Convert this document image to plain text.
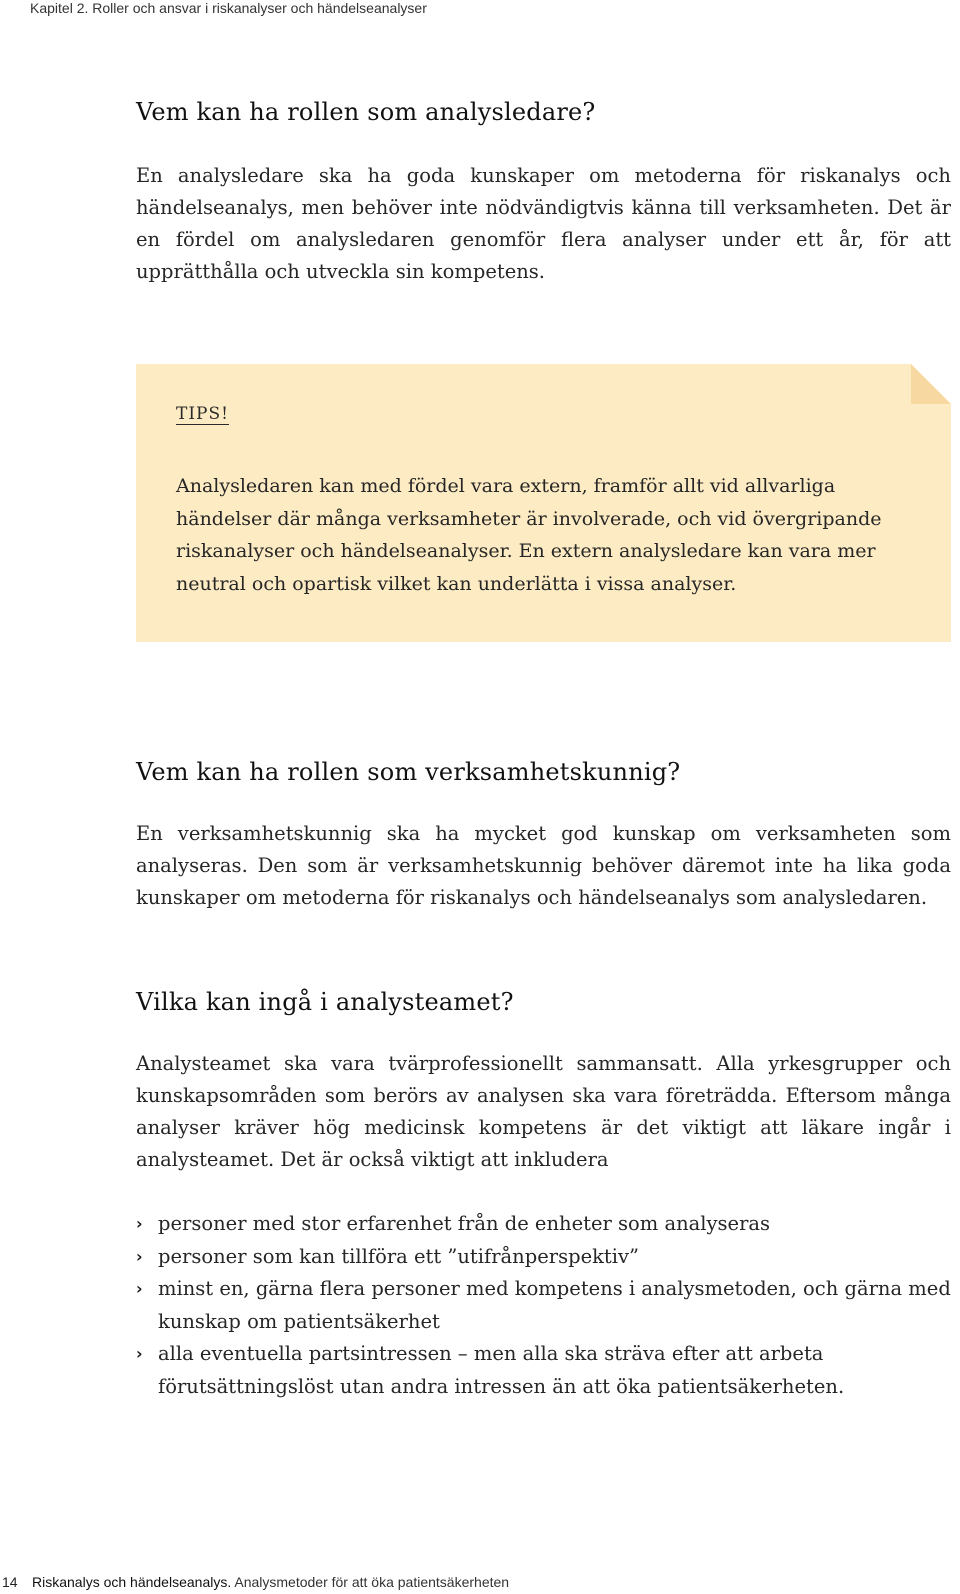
Kapitel 2. Roller och ansvar i riskanalyser och händelseanalyser
Vem kan ha rollen som analysledare?

En analysledare ska ha goda kunskaper om metoderna för riskanalys och händelseanalys, men behöver inte nödvändigtvis känna till verksamheten. Det är en fördel om analysledaren genomför flera analyser under ett år, för att upprätthålla och utveckla sin kompetens.

TIPS!

Analysledaren kan med fördel vara extern, framför allt vid allvarliga händelser där många verksamheter är involverade, och vid övergripande riskanalyser och händelseanalyser. En extern analysledare kan vara mer neutral och opartisk vilket kan underlätta i vissa analyser.

Vem kan ha rollen som verksamhetskunnig?

En verksamhetskunnig ska ha mycket god kunskap om verksamheten som analyseras. Den som är verksamhetskunnig behöver däremot inte ha lika goda kunskaper om metoderna för riskanalys och händelseanalys som analysledaren.

Vilka kan ingå i analysteamet?

Analysteamet ska vara tvärprofessionellt sammansatt. Alla yrkesgrupper och kunskapsområden som berörs av analysen ska vara företrädda. Eftersom många analyser kräver hög medicinsk kompetens är det viktigt att läkare ingår i analysteamet. Det är också viktigt att inkludera

› personer med stor erfarenhet från de enheter som analyseras
› personer som kan tillföra ett ”utifrånperspektiv”
› minst en, gärna flera personer med kompetens i analysmetoden, och gärna med kunskap om patientsäkerhet
› alla eventuella partsintressen – men alla ska sträva efter att arbeta förutsättningslöst utan andra intressen än att öka patientsäkerheten.
14 Riskanalys och händelseanalys. Analysmetoder för att öka patientsäkerheten
